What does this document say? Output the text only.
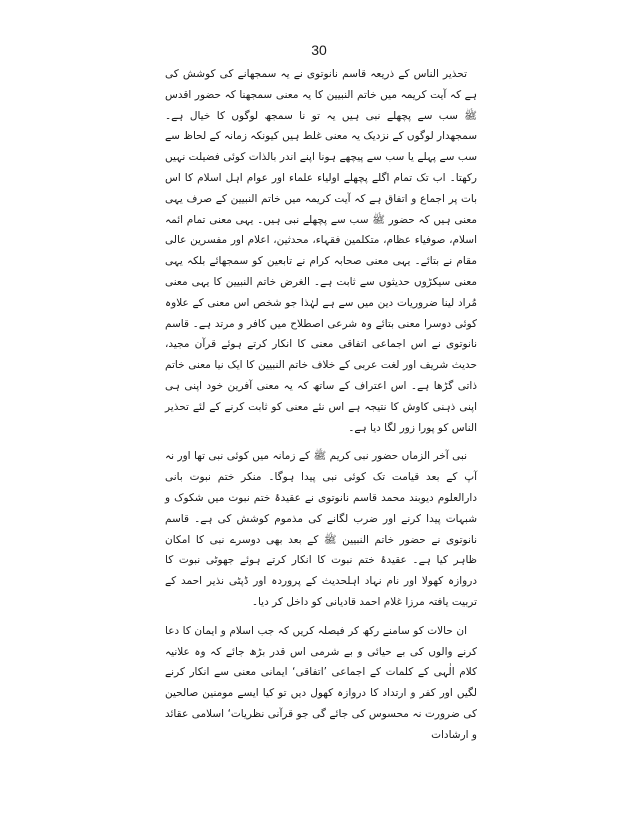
30

تحذیر الناس کے ذریعہ قاسم نانوتوی نے یہ سمجھانے کی کوشش کی ہے کہ آیت کریمہ میں خاتم النبیین کا یہ معنی سمجھنا کہ حضور اقدس ﷺ سب سے پچھلے نبی ہیں یہ تو نا سمجھ لوگوں کا خیال ہے۔ سمجھدار لوگوں کے نزدیک یہ معنی غلط ہیں کیونکہ زمانہ کے لحاظ سے سب سے پہلے یا سب سے پیچھے ہونا اپنے اندر بالذات کوئی فضیلت نہیں رکھتا۔ اب تک تمام اگلے پچھلے اولیاء علماء اور عوام اہل اسلام کا اس بات پر اجماع و اتفاق ہے کہ آیت کریمہ میں خاتم النبیین کے صرف یہی معنی ہیں کہ حضور ﷺ سب سے پچھلے نبی ہیں۔ یہی معنی تمام ائمہ اسلام، صوفیاء عظام، متکلمین فقہاء، محدثین، اعلام اور مفسرین عالی مقام نے بتائے۔ یہی معنی صحابہ کرام نے تابعین کو سمجھائے بلکہ یہی معنی سیکڑوں حدیثوں سے ثابت ہے۔ الغرض خاتم النبیین کا یہی معنی مُراد لینا ضروریات دین میں سے ہے لہٰذا جو شخص اس معنی کے علاوہ کوئی دوسرا معنی بتائے وہ شرعی اصطلاح میں کافر و مرتد ہے۔ قاسم نانوتوی نے اس اجماعی اتفاقی معنی کا انکار کرتے ہوئے قرآن مجید، حدیث شریف اور لغت عربی کے خلاف خاتم النبیین کا ایک نیا معنی خاتم ذاتی گڑھا ہے۔ اس اعتراف کے ساتھ کہ یہ معنی آفرین خود اپنی ہی اپنی ذہنی کاوش کا نتیجہ ہے اس نئے معنی کو ثابت کرنے کے لئے تحذیر الناس کو پورا زور لگا دیا ہے۔

نبی آخر الزماں حضور نبی کریم ﷺ کے زمانہ میں کوئی نبی تھا اور نہ آپ کے بعد قیامت تک کوئی نبی پیدا ہوگا۔ منکر ختم نبوت بانی دارالعلوم دیوبند محمد قاسم نانوتوی نے عقیدۂ ختم نبوت میں شکوک و شبہات پیدا کرنے اور ضرب لگانے کی مذموم کوشش کی ہے۔ قاسم نانوتوی نے حضور خاتم النبیین ﷺ کے بعد بھی دوسرے نبی کا امکان ظاہر کیا ہے۔ عقیدۂ ختم نبوت کا انکار کرتے ہوئے جھوٹی نبوت کا دروازہ کھولا اور نام نہاد اہلحدیث کے پروردہ اور ڈپٹی نذیر احمد کے تربیت یافتہ مرزا غلام احمد قادیانی کو داخل کر دیا۔

ان حالات کو سامنے رکھ کر فیصلہ کریں کہ جب اسلام و ایمان کا دعا کرنے والوں کی بے حیائی و بے شرمی اس قدر بڑھ جائے کہ وہ علانیہ کلام الٰہی کے کلمات کے اجماعی ’اتفاقی‘ ایمانی معنی سے انکار کرنے لگیں اور کفر و ارتداد کا دروازہ کھول دیں تو کیا ایسے مومنین صالحین کی ضرورت نہ محسوس کی جائے گی جو قرآنی نظریات‘ اسلامی عقائد و ارشادات
